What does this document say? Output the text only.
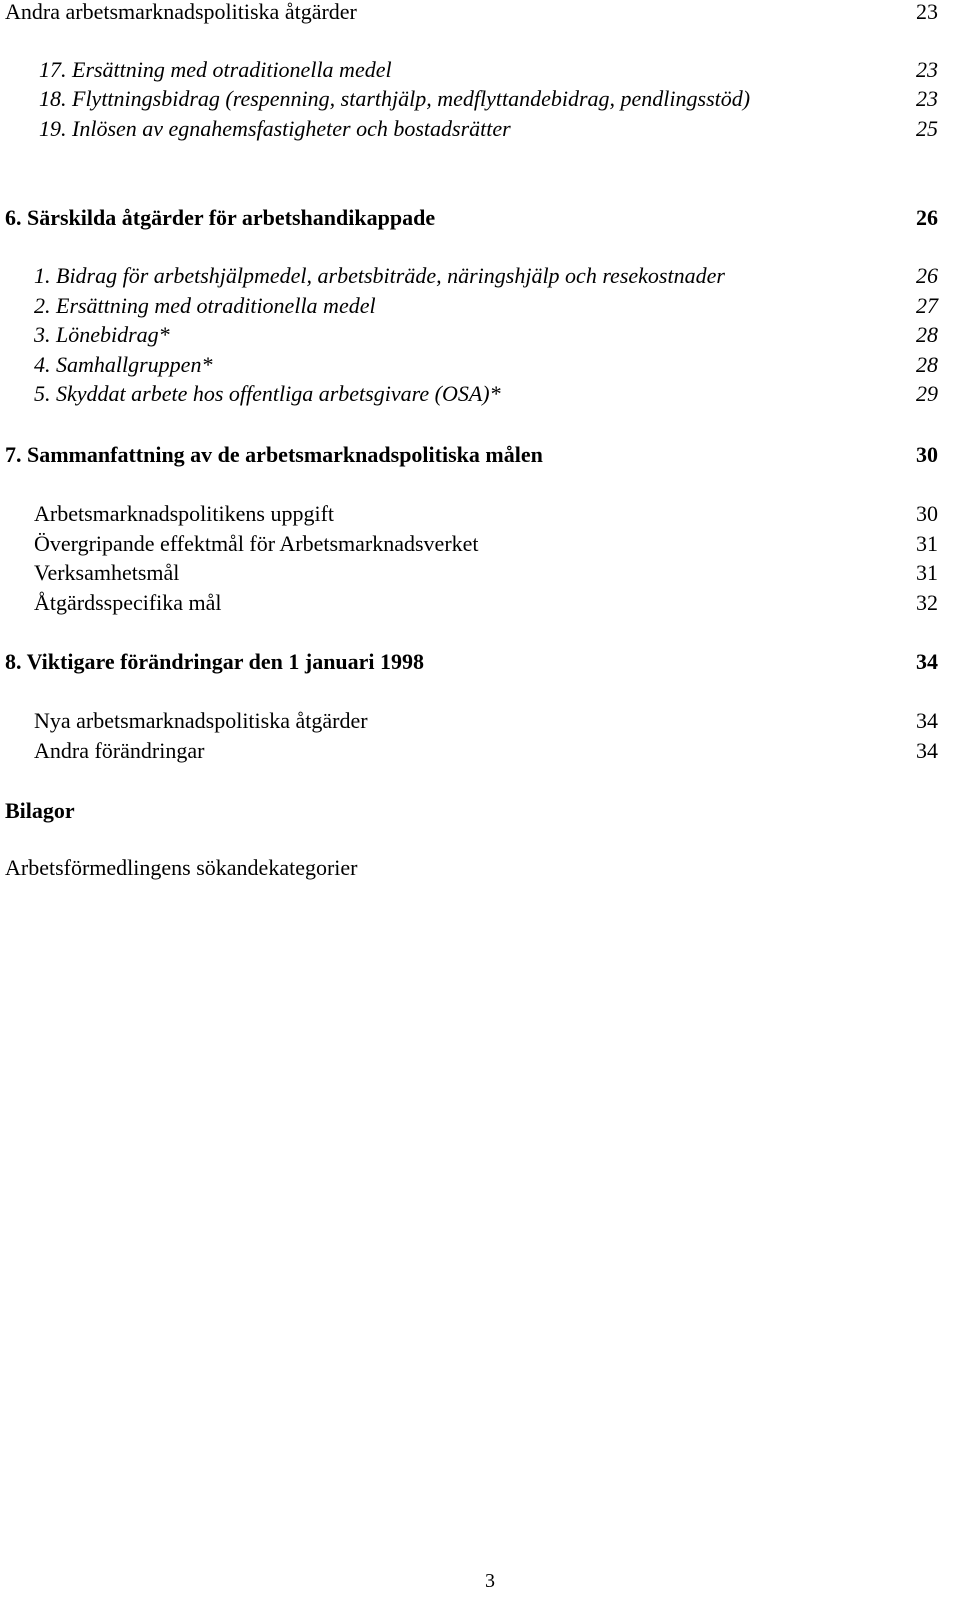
Andra arbetsmarknadspolitiska åtgärder	23
17. Ersättning med otraditionella medel	23
18. Flyttningsbidrag (respenning, starthjälp, medflyttandebidrag, pendlingsstöd)	23
19. Inlösen av egnahemsfastigheter och bostadsrätter	25
6. Särskilda åtgärder för arbetshandikappade	26
1. Bidrag för arbetshjälpmedel, arbetsbiträde, näringshjälp och resekostnader	26
2. Ersättning med otraditionella medel	27
3. Lönebidrag*	28
4. Samhallgruppen*	28
5. Skyddat arbete hos offentliga arbetsgivare (OSA)*	29
7. Sammanfattning av de arbetsmarknadspolitiska målen	30
Arbetsmarknadspolitikens uppgift	30
Övergripande effektmål för Arbetsmarknadsverket	31
Verksamhetsmål	31
Åtgärdsspecifika mål	32
8. Viktigare förändringar den 1 januari 1998	34
Nya arbetsmarknadspolitiska åtgärder	34
Andra förändringar	34
Bilagor
Arbetsförmedlingens sökandekategorier
3
